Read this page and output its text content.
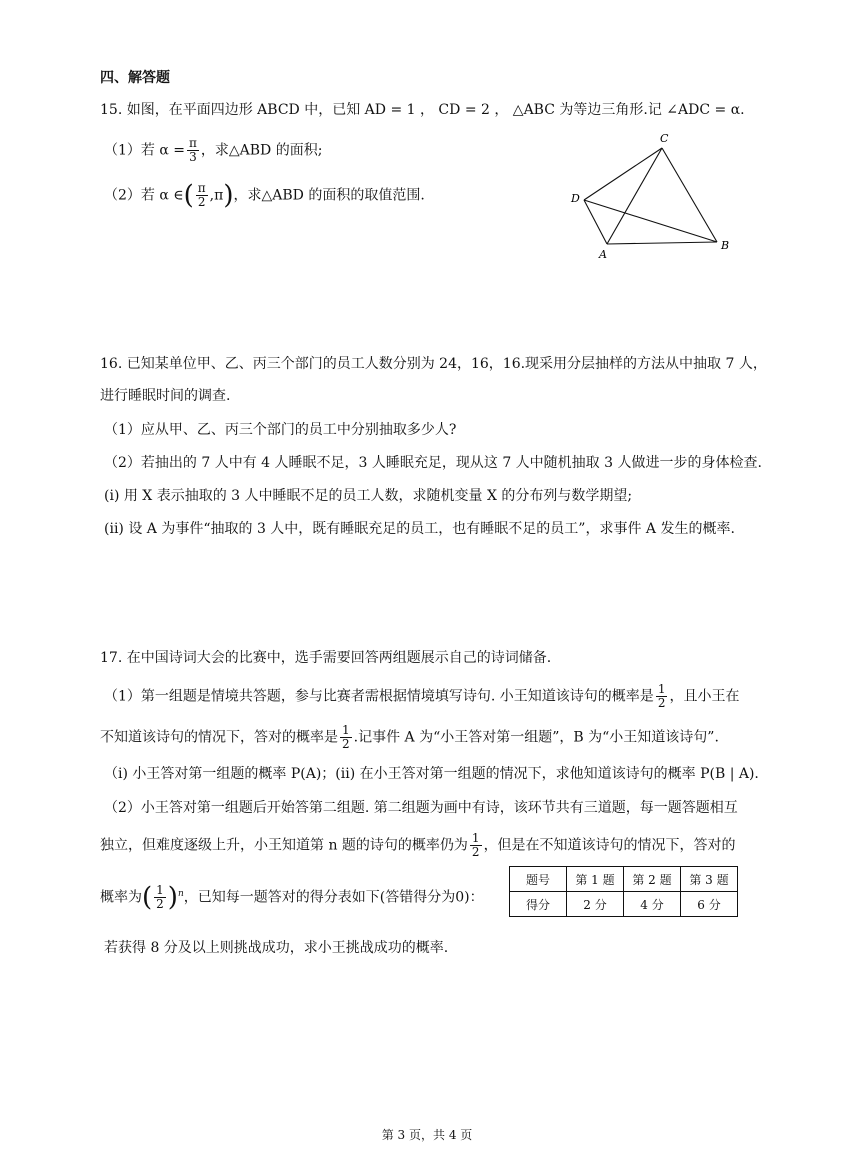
四、解答题
15. 如图，在平面四边形 ABCD 中，已知 AD = 1 ， CD = 2 ， △ABC 为等边三角形.记 ∠ADC = α.
（1）若 $\alpha = \frac{\pi}{3}$ ，求△ABD 的面积;
（2）若 α ∈( $\frac{\pi}{2} ,\pi$)，求△ABD 的面积的取值范围.
C
D
A
B
16. 已知某单位甲、乙、丙三个部门的员工人数分别为 24，16，16.现采用分层抽样的方法从中抽取 7 人，
进行睡眠时间的调查.
（1）应从甲、乙、丙三个部门的员工中分别抽取多少人?
（2）若抽出的 7 人中有 4 人睡眠不足，3 人睡眠充足，现从这 7 人中随机抽取 3 人做进一步的身体检查.
(i) 用 X 表示抽取的 3 人中睡眠不足的员工人数，求随机变量 X 的分布列与数学期望;
(ii) 设 A 为事件“抽取的 3 人中，既有睡眠充足的员工，也有睡眠不足的员工”，求事件 A 发生的概率.
17. 在中国诗词大会的比赛中，选手需要回答两组题展示自己的诗词储备.
（1）第一组题是情境共答题，参与比赛者需根据情境填写诗句. 小王知道该诗句的概率是 $\frac{1}{2}$ ，且小王在
不知道该诗句的情况下，答对的概率是 $\frac{1}{2}$ .记事件 A 为“小王答对第一组题”，B 为“小王知道该诗句”.
（i) 小王答对第一组题的概率 P(A)；(ii) 在小王答对第一组题的情况下，求他知道该诗句的概率 P(B | A).
（2）小王答对第一组题后开始答第二组题. 第二组题为画中有诗，该环节共有三道题，每一题答题相互
独立，但难度逐级上升，小王知道第 n 题的诗句的概率仍为 $\frac{1}{2}$ ，但是在不知道该诗句的情况下，答对的
概率为( $\frac{1}{2} )^n$，已知每一题答对的得分表如下(答错得分为0)：
题号	第 1 题	第 2 题	第 3 题
得分	2 分	4 分	6 分
若获得 8 分及以上则挑战成功，求小王挑战成功的概率.
第 3 页，共 4 页
